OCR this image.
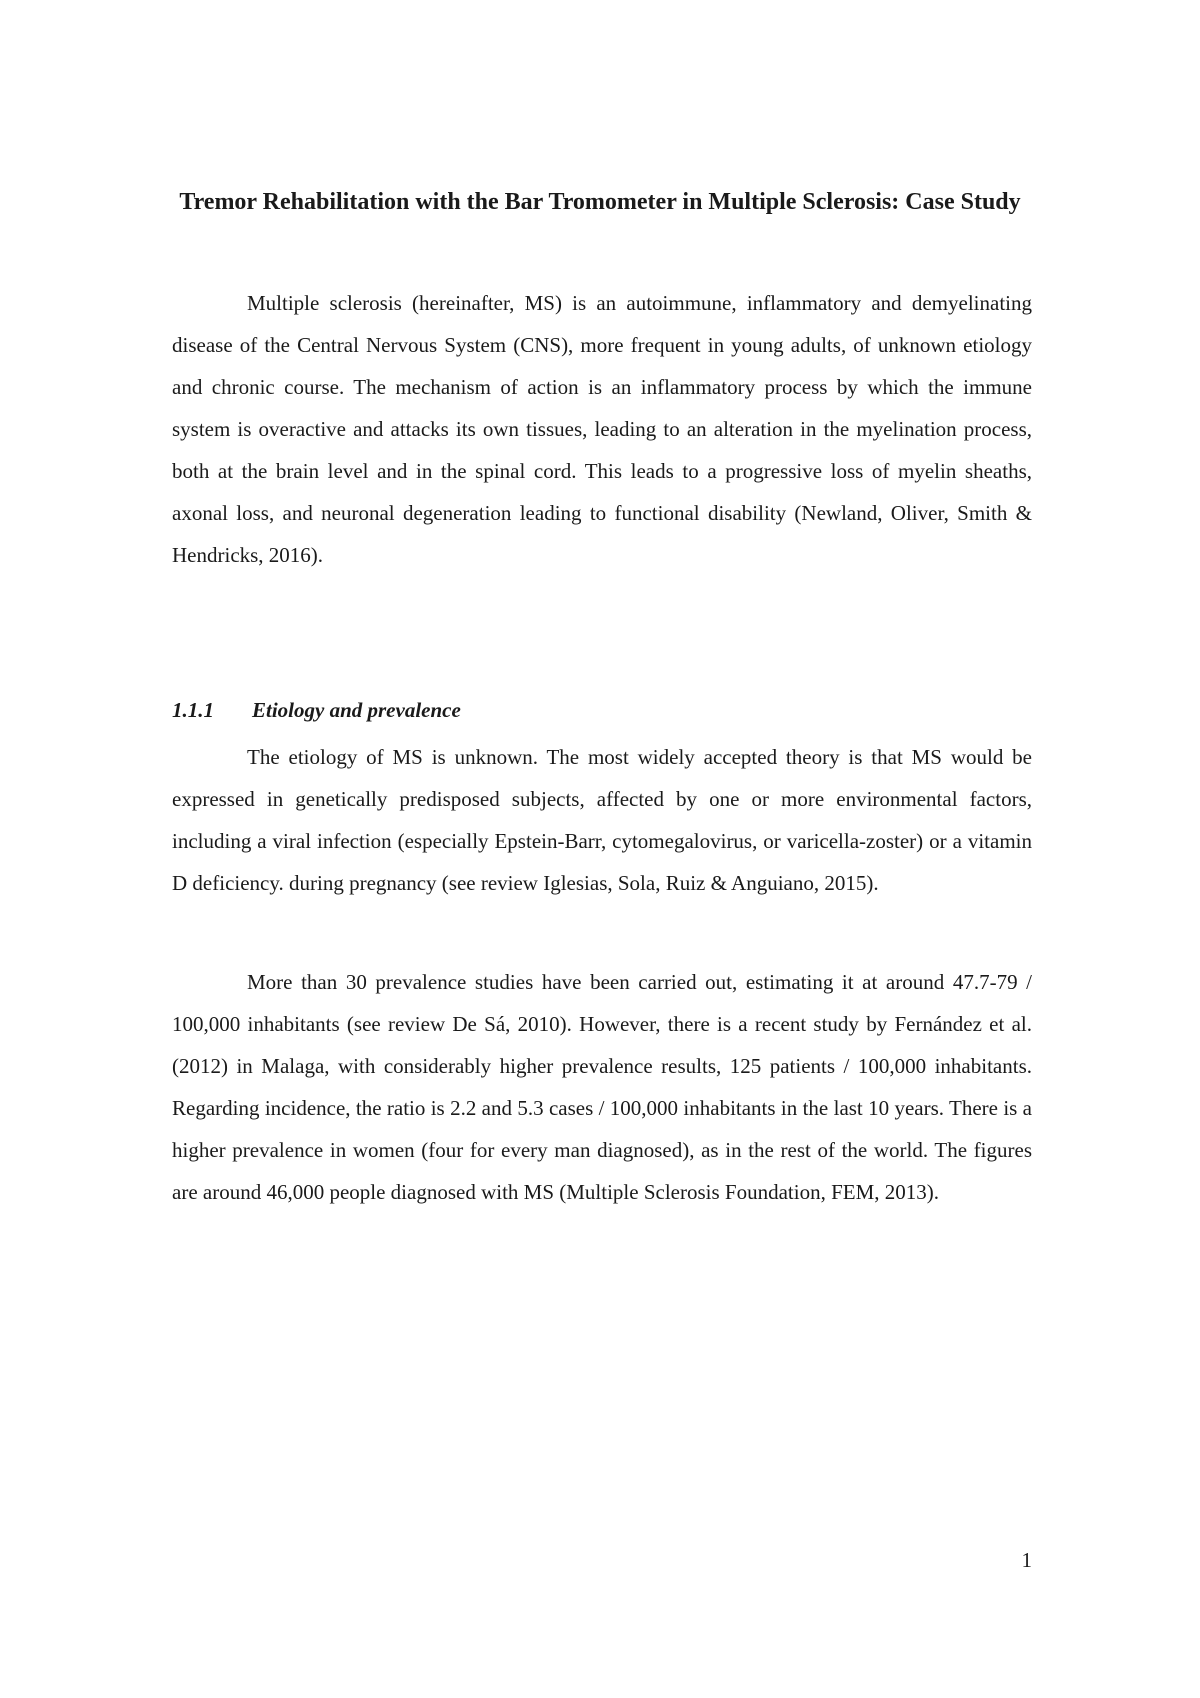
Tremor Rehabilitation with the Bar Tromometer in Multiple Sclerosis: Case Study

Multiple sclerosis (hereinafter, MS) is an autoimmune, inflammatory and demyelinating disease of the Central Nervous System (CNS), more frequent in young adults, of unknown etiology and chronic course. The mechanism of action is an inflammatory process by which the immune system is overactive and attacks its own tissues, leading to an alteration in the myelination process, both at the brain level and in the spinal cord. This leads to a progressive loss of myelin sheaths, axonal loss, and neuronal degeneration leading to functional disability (Newland, Oliver, Smith & Hendricks, 2016).

1.1.1 Etiology and prevalence

The etiology of MS is unknown. The most widely accepted theory is that MS would be expressed in genetically predisposed subjects, affected by one or more environmental factors, including a viral infection (especially Epstein-Barr, cytomegalovirus, or varicella-zoster) or a vitamin D deficiency. during pregnancy (see review Iglesias, Sola, Ruiz & Anguiano, 2015).

More than 30 prevalence studies have been carried out, estimating it at around 47.7-79 / 100,000 inhabitants (see review De Sá, 2010). However, there is a recent study by Fernández et al. (2012) in Malaga, with considerably higher prevalence results, 125 patients / 100,000 inhabitants. Regarding incidence, the ratio is 2.2 and 5.3 cases / 100,000 inhabitants in the last 10 years. There is a higher prevalence in women (four for every man diagnosed), as in the rest of the world. The figures are around 46,000 people diagnosed with MS (Multiple Sclerosis Foundation, FEM, 2013).

1
